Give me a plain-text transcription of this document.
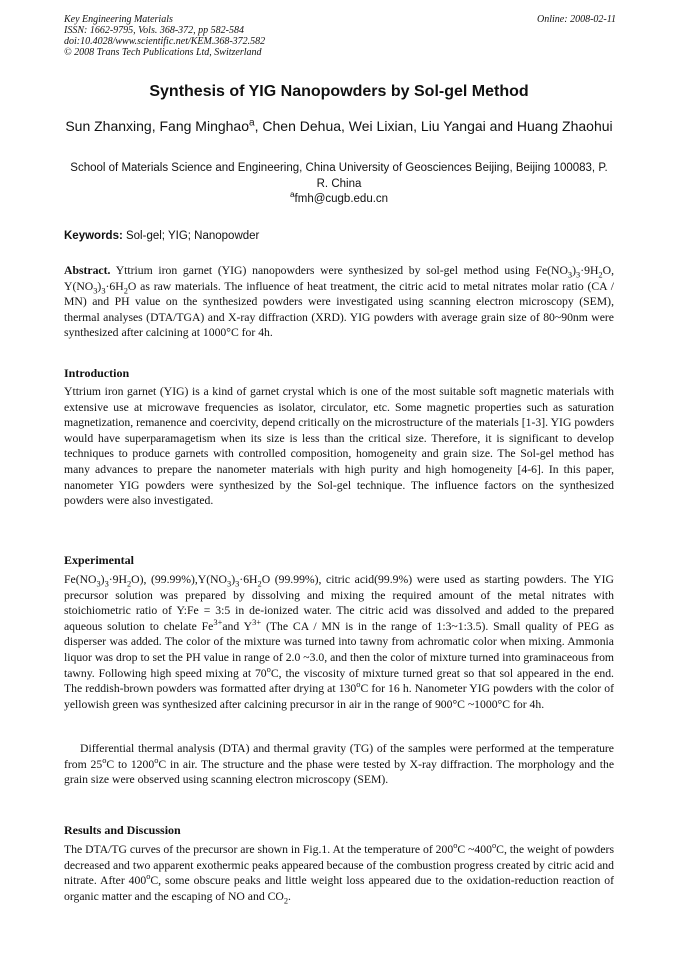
Key Engineering Materials
ISSN: 1662-9795, Vols. 368-372, pp 582-584
doi:10.4028/www.scientific.net/KEM.368-372.582
© 2008 Trans Tech Publications Ltd, Switzerland
Online: 2008-02-11
Synthesis of YIG Nanopowders by Sol-gel Method
Sun Zhanxing, Fang Minghao$^a$, Chen Dehua, Wei Lixian, Liu Yangai and Huang Zhaohui
School of Materials Science and Engineering, China University of Geosciences Beijing, Beijing 100083, P. R. China
$^a$fmh@cugb.edu.cn
Keywords: Sol-gel; YIG; Nanopowder
Abstract. Yttrium iron garnet (YIG) nanopowders were synthesized by sol-gel method using $Fe(NO_3)_3\cdot 9H_2O$, $Y(NO_3)_3\cdot 6H_2O$ as raw materials. The influence of heat treatment, the citric acid to metal nitrates molar ratio (CA / MN) and PH value on the synthesized powders were investigated using scanning electron microscopy (SEM), thermal analyses (DTA/TGA) and X-ray diffraction (XRD). YIG powders with average grain size of 80~90nm were synthesized after calcining at 1000°C for 4h.
Introduction
Yttrium iron garnet (YIG) is a kind of garnet crystal which is one of the most suitable soft magnetic materials with extensive use at microwave frequencies as isolator, circulator, etc. Some magnetic properties such as saturation magnetization, remanence and coercivity, depend critically on the microstructure of the materials [1-3]. YIG powders would have superparamagetism when its size is less than the critical size. Therefore, it is significant to develop techniques to produce garnets with controlled composition, homogeneity and grain size. The Sol-gel method has many advances to prepare the nanometer materials with high purity and high homogeneity [4-6]. In this paper, nanometer YIG powders were synthesized by the Sol-gel technique. The influence factors on the synthesized powders were also investigated.
Experimental
$Fe(NO_3)_3\cdot 9H_2O$), $(99.99\%),Y(NO_3)_3\cdot 6H_2O$ (99.99%), citric acid(99.9%) were used as starting powders. The YIG precursor solution was prepared by dissolving and mixing the required amount of the metal nitrates with stoichiometric ratio of Y:Fe = 3:5 in de-ionized water. The citric acid was dissolved and added to the prepared aqueous solution to chelate $Fe^{3+}and$ $Y^{3+}$ (The CA / MN is in the range of 1:3~1:3.5). Small quality of PEG as disperser was added. The color of the mixture was turned into tawny from achromatic color when mixing. Ammonia liquor was drop to set the PH value in range of 2.0 ~3.0, and then the color of mixture turned into graminaceous from tawny. Following high speed mixing at 70$^o$C, the viscosity of mixture turned great so that sol appeared in the end. The reddish-brown powders was formatted after drying at 130$^o$C for 16 h. Nanometer YIG powders with the color of yellowish green was synthesized after calcining precursor in air in the range of 900°C ~1000°C for 4h.
Differential thermal analysis (DTA) and thermal gravity (TG) of the samples were performed at the temperature from 25$^o$C to 1200$^o$C in air. The structure and the phase were tested by X-ray diffraction. The morphology and the grain size were observed using scanning electron microscopy (SEM).
Results and Discussion
The DTA/TG curves of the precursor are shown in Fig.1. At the temperature of 200$^o$C ~400$^o$C, the weight of powders decreased and two apparent exothermic peaks appeared because of the combustion progress created by citric acid and nitrate. After 400$^o$C, some obscure peaks and little weight loss appeared due to the oxidation-reduction reaction of organic matter and the escaping of NO and $CO_2$.
